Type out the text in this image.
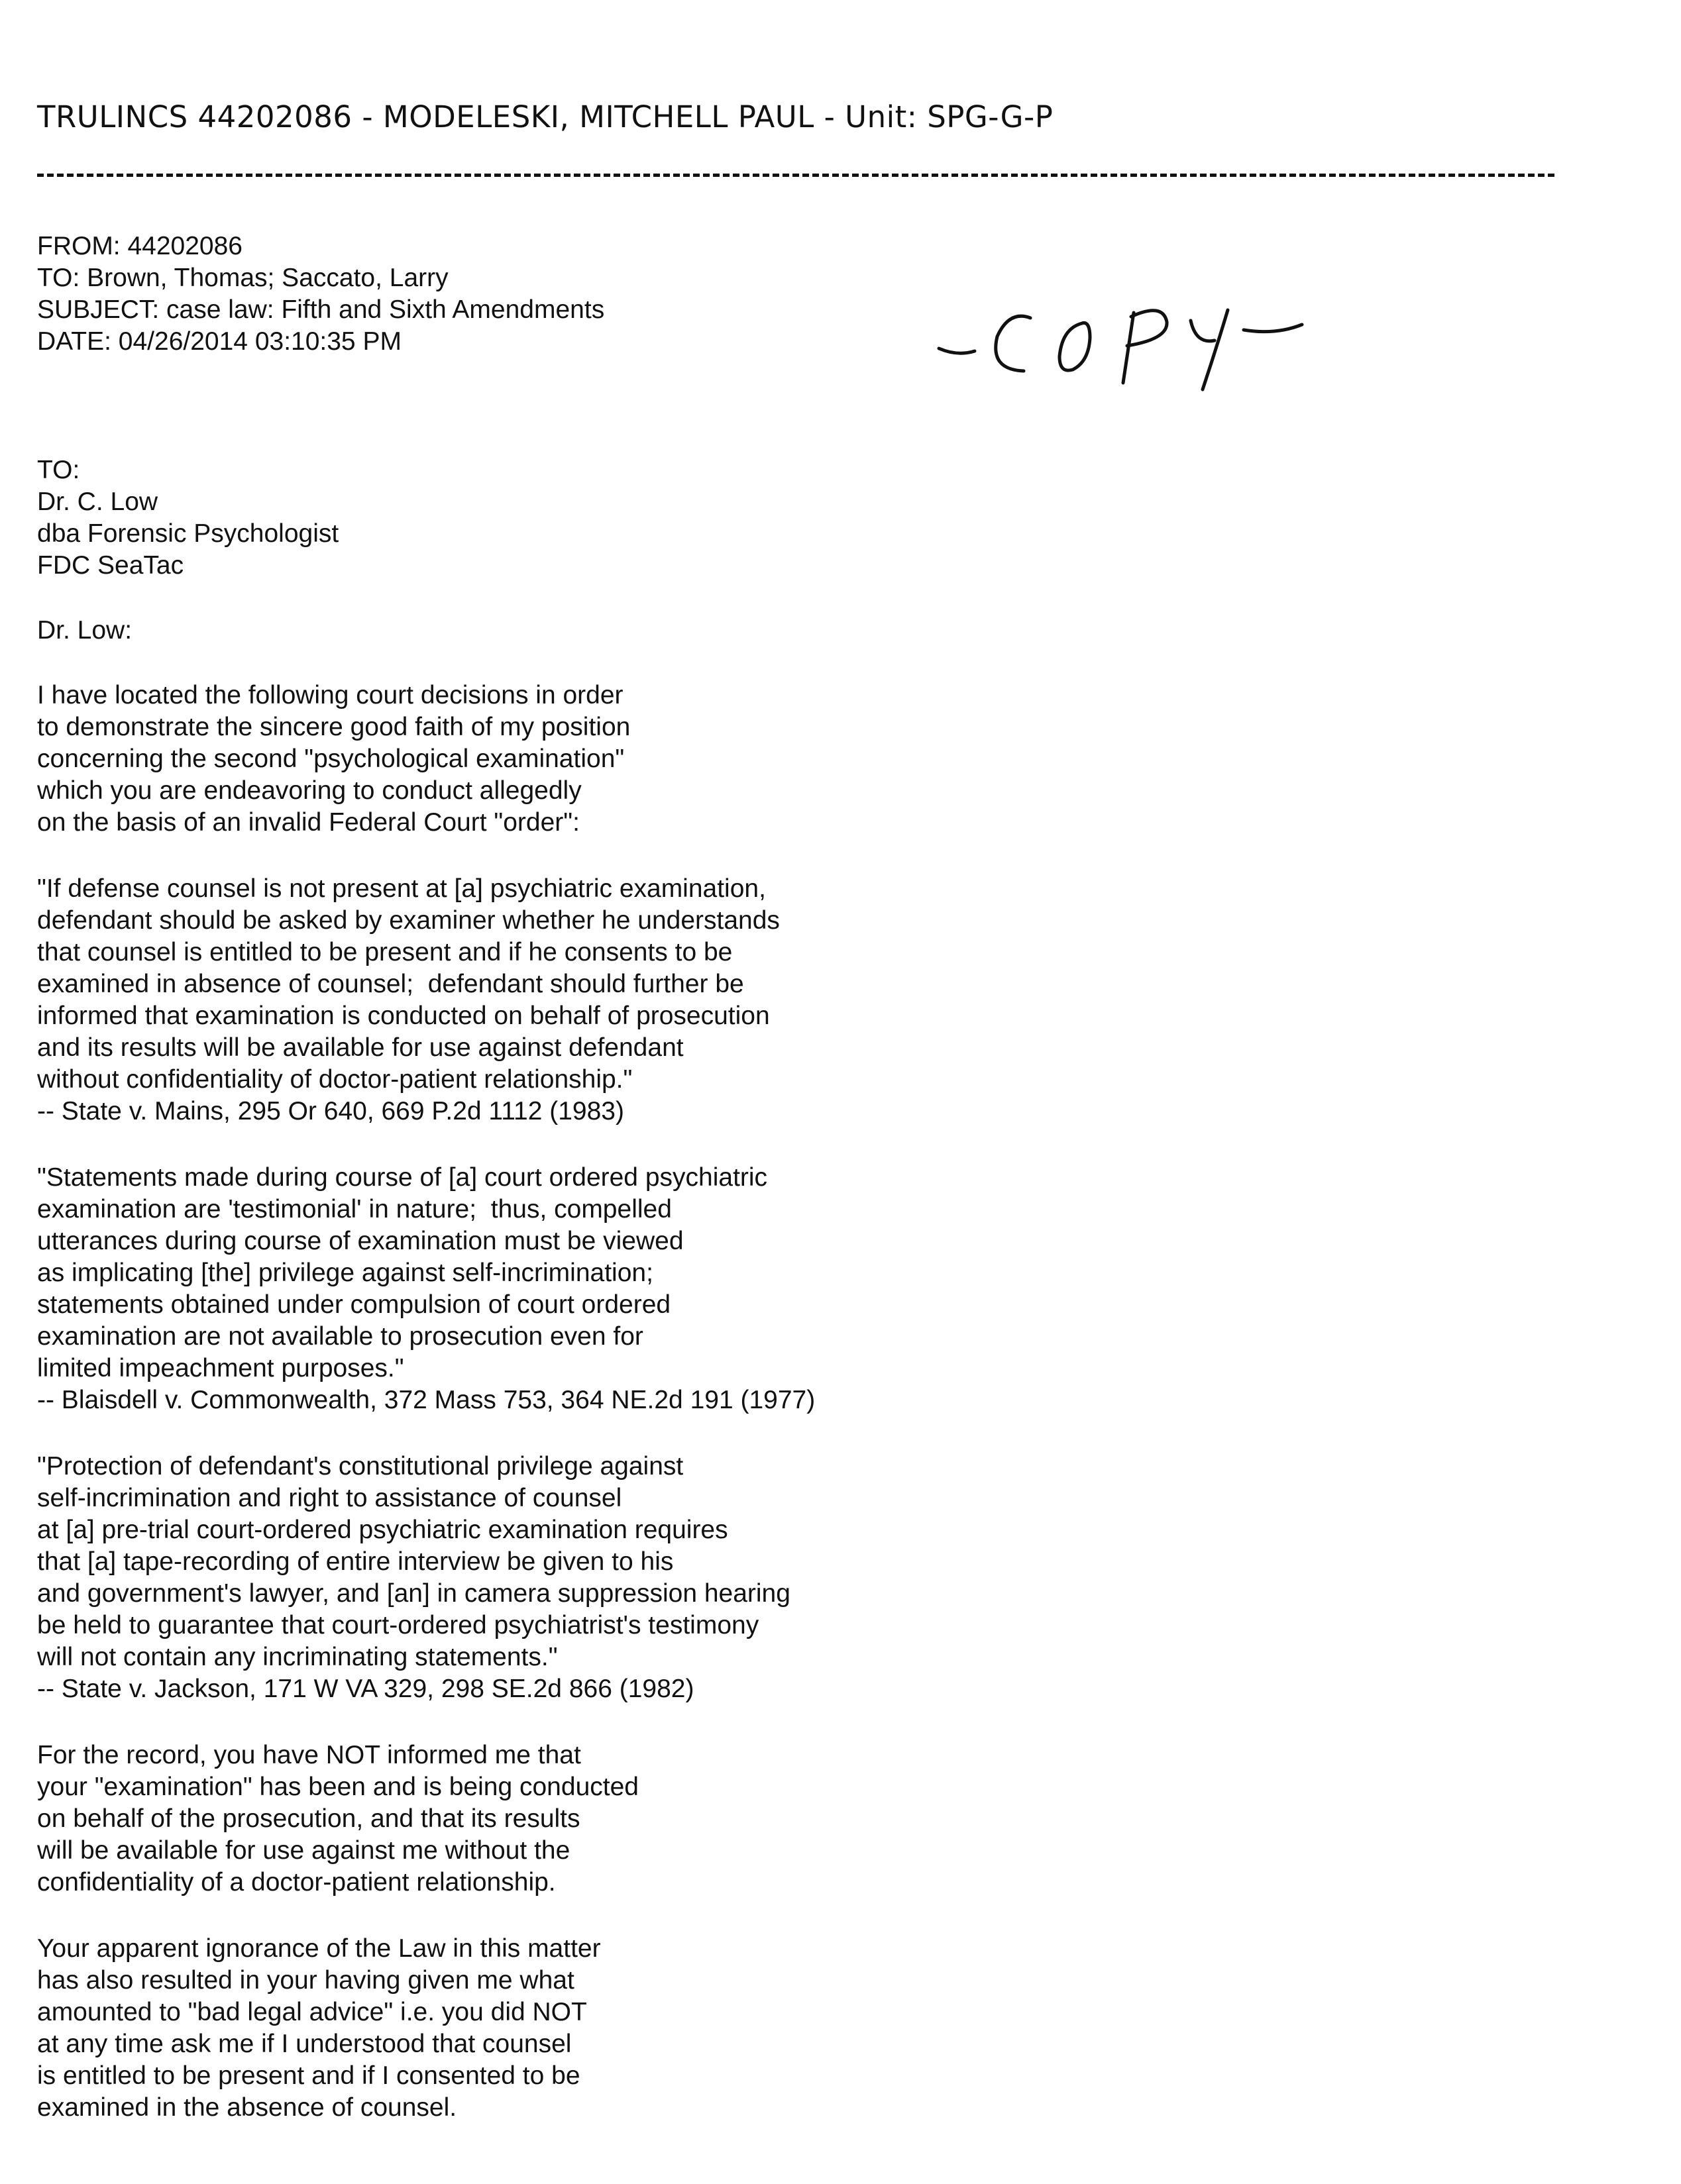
TRULINCS 44202086 - MODELESKI, MITCHELL PAUL - Unit: SPG-G-P
FROM: 44202086
TO: Brown, Thomas; Saccato, Larry
SUBJECT: case law: Fifth and Sixth Amendments
DATE: 04/26/2014 03:10:35 PM
TO:
Dr. C. Low
dba Forensic Psychologist
FDC SeaTac
Dr. Low:
I have located the following court decisions in order
to demonstrate the sincere good faith of my position
concerning the second "psychological examination"
which you are endeavoring to conduct allegedly
on the basis of an invalid Federal Court "order":
"If defense counsel is not present at [a] psychiatric examination,
defendant should be asked by examiner whether he understands
that counsel is entitled to be present and if he consents to be
examined in absence of counsel;  defendant should further be
informed that examination is conducted on behalf of prosecution
and its results will be available for use against defendant
without confidentiality of doctor-patient relationship."
-- State v. Mains, 295 Or 640, 669 P.2d 1112 (1983)
"Statements made during course of [a] court ordered psychiatric
examination are 'testimonial' in nature;  thus, compelled
utterances during course of examination must be viewed
as implicating [the] privilege against self-incrimination;
statements obtained under compulsion of court ordered
examination are not available to prosecution even for
limited impeachment purposes."
-- Blaisdell v. Commonwealth, 372 Mass 753, 364 NE.2d 191 (1977)
"Protection of defendant's constitutional privilege against
self-incrimination and right to assistance of counsel
at [a] pre-trial court-ordered psychiatric examination requires
that [a] tape-recording of entire interview be given to his
and government's lawyer, and [an] in camera suppression hearing
be held to guarantee that court-ordered psychiatrist's testimony
will not contain any incriminating statements."
-- State v. Jackson, 171 W VA 329, 298 SE.2d 866 (1982)
For the record, you have NOT informed me that
your "examination" has been and is being conducted
on behalf of the prosecution, and that its results
will be available for use against me without the
confidentiality of a doctor-patient relationship.
Your apparent ignorance of the Law in this matter
has also resulted in your having given me what
amounted to "bad legal advice" i.e. you did NOT
at any time ask me if I understood that counsel
is entitled to be present and if I consented to be
examined in the absence of counsel.
